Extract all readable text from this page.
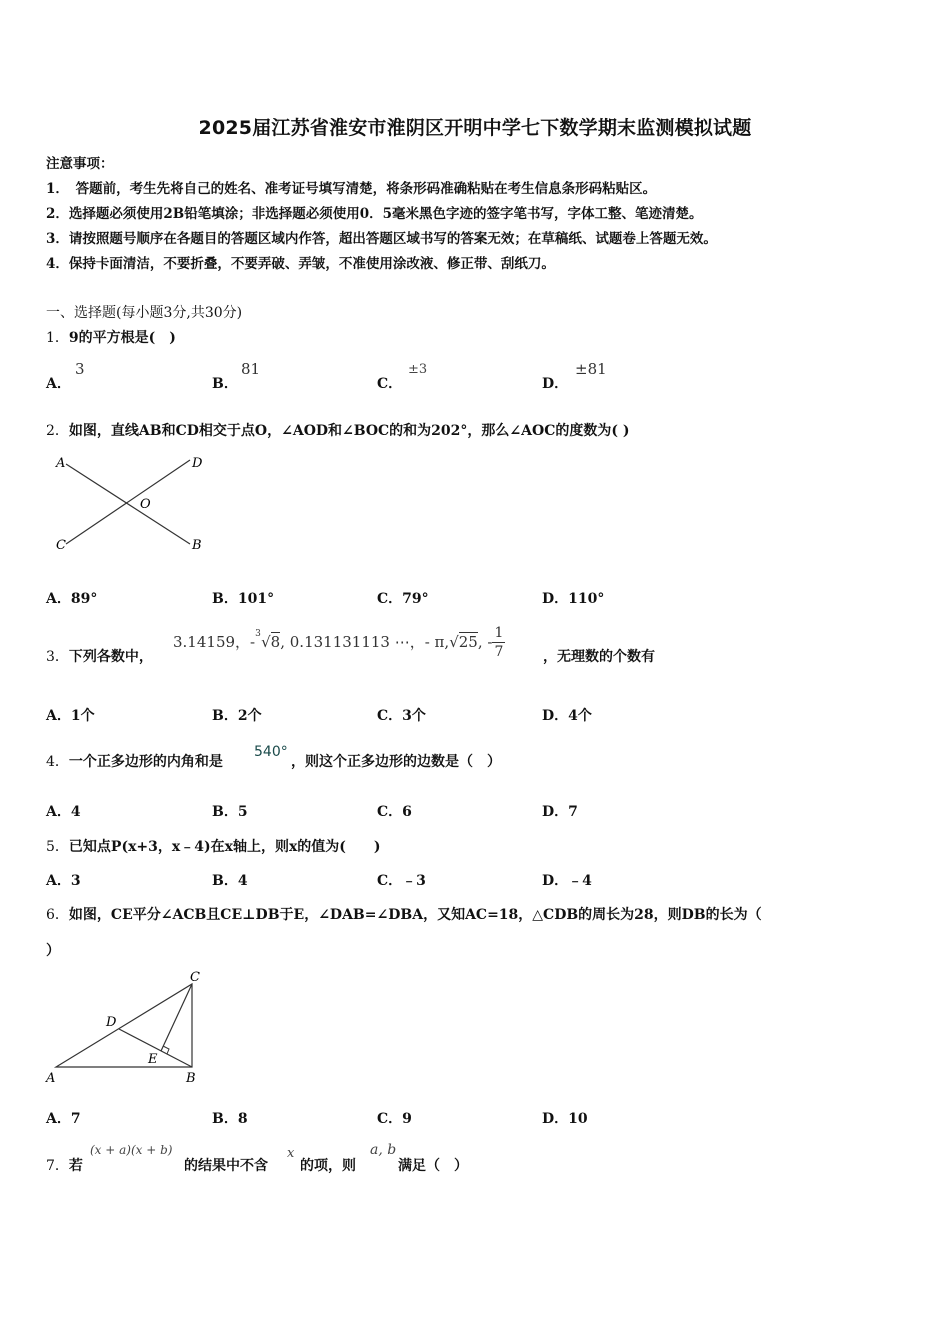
2025届江苏省淮安市淮阴区开明中学七下数学期末监测模拟试题
注意事项：
1．　答题前，考生先将自己的姓名、准考证号填写清楚，将条形码准确粘贴在考生信息条形码粘贴区。
2．选择题必须使用2B铅笔填涂；非选择题必须使用0．5毫米黑色字迹的签字笔书写，字体工整、笔迹清楚。
3．请按照题号顺序在各题目的答题区域内作答，超出答题区域书写的答案无效；在草稿纸、试题卷上答题无效。
4．保持卡面清洁，不要折叠，不要弄破、弄皱，不准使用涂改液、修正带、刮纸刀。
一、选择题(每小题3分,共30分)
1．9的平方根是(　)
A．
3
B．
81
C．
±3
D．
±81
2．如图，直线AB和CD相交于点O，∠AOD和∠BOC的和为202°，那么∠AOC的度数为( )
A	D
O
C	B
A．89°	B．101°	C．79°	D．110°
3．下列各数中，
3.14159，- 3 √8, 0.131131113 ⋯，- π,√25, - $\frac{1}{7}$	，无理数的个数有
A．1个	B．2个	C．3个	D．4个
4．一个正多边形的内角和是
540°
，则这个正多边形的边数是（　）
A．4	B．5	C．6	D．7
5．已知点P(x+3，x﹣4)在x轴上，则x的值为(　　)
A．3	B．4	C．﹣3	D．﹣4
6．如图，CE平分∠ACB且CE⊥DB于E，∠DAB=∠DBA，又知AC=18，△CDB的周长为28，则DB的长为（
）
A	B
C
D
E
A．7	B．8	C．9	D．10
7．若
(x + a)(x + b)
的结果中不含
x
的项，则
a, b
满足（　）
